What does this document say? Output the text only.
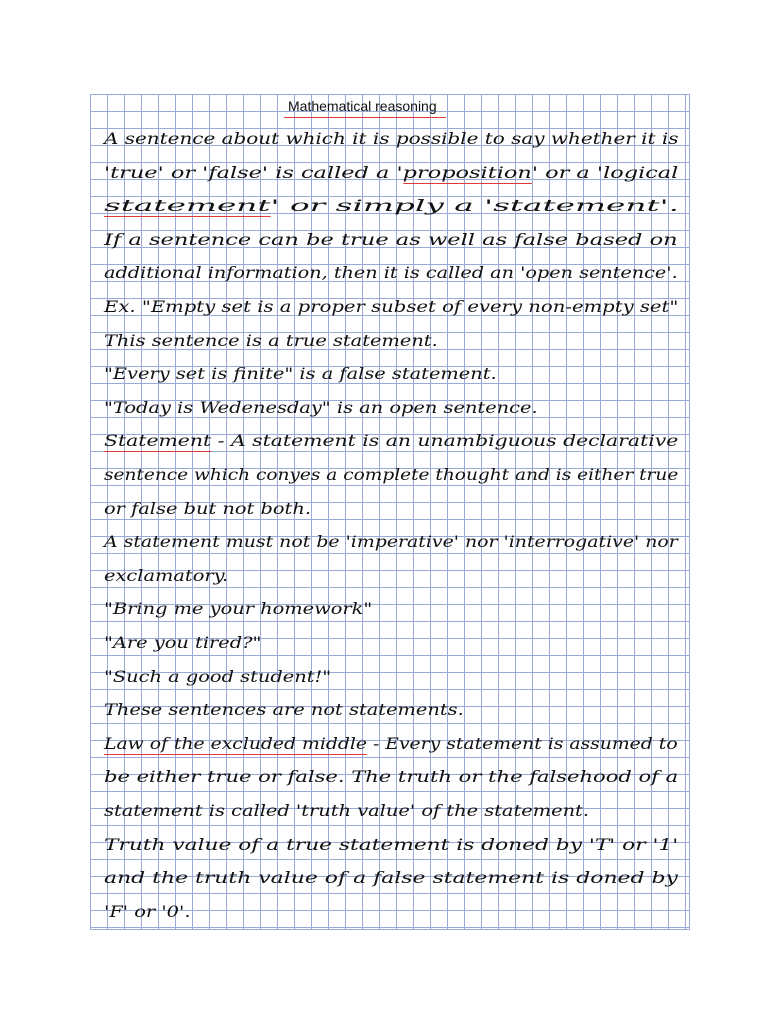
Mathematical reasoning
A sentence about which it is possible to say whether it is
'true' or 'false' is called a 'proposition' or a 'logical
statement' or simply a 'statement'.
If a sentence can be true as well as false based on
additional information, then it is called an 'open sentence'.
Ex. "Empty set is a proper subset of every non-empty set"
This sentence is a true statement.
"Every set is finite" is a false statement.
"Today is Wedenesday" is an open sentence.
Statement - A statement is an unambiguous declarative
sentence which conyes a complete thought and is either true
or false but not both.
A statement must not be 'imperative' nor 'interrogative' nor
exclamatory.
"Bring me your homework"
"Are you tired?"
"Such a good student!"
These sentences are not statements.
Law of the excluded middle - Every statement is assumed to
be either true or false. The truth or the falsehood of a
statement is called 'truth value' of the statement.
Truth value of a true statement is doned by 'T' or '1'
and the truth value of a false statement is doned by
'F' or '0'.
